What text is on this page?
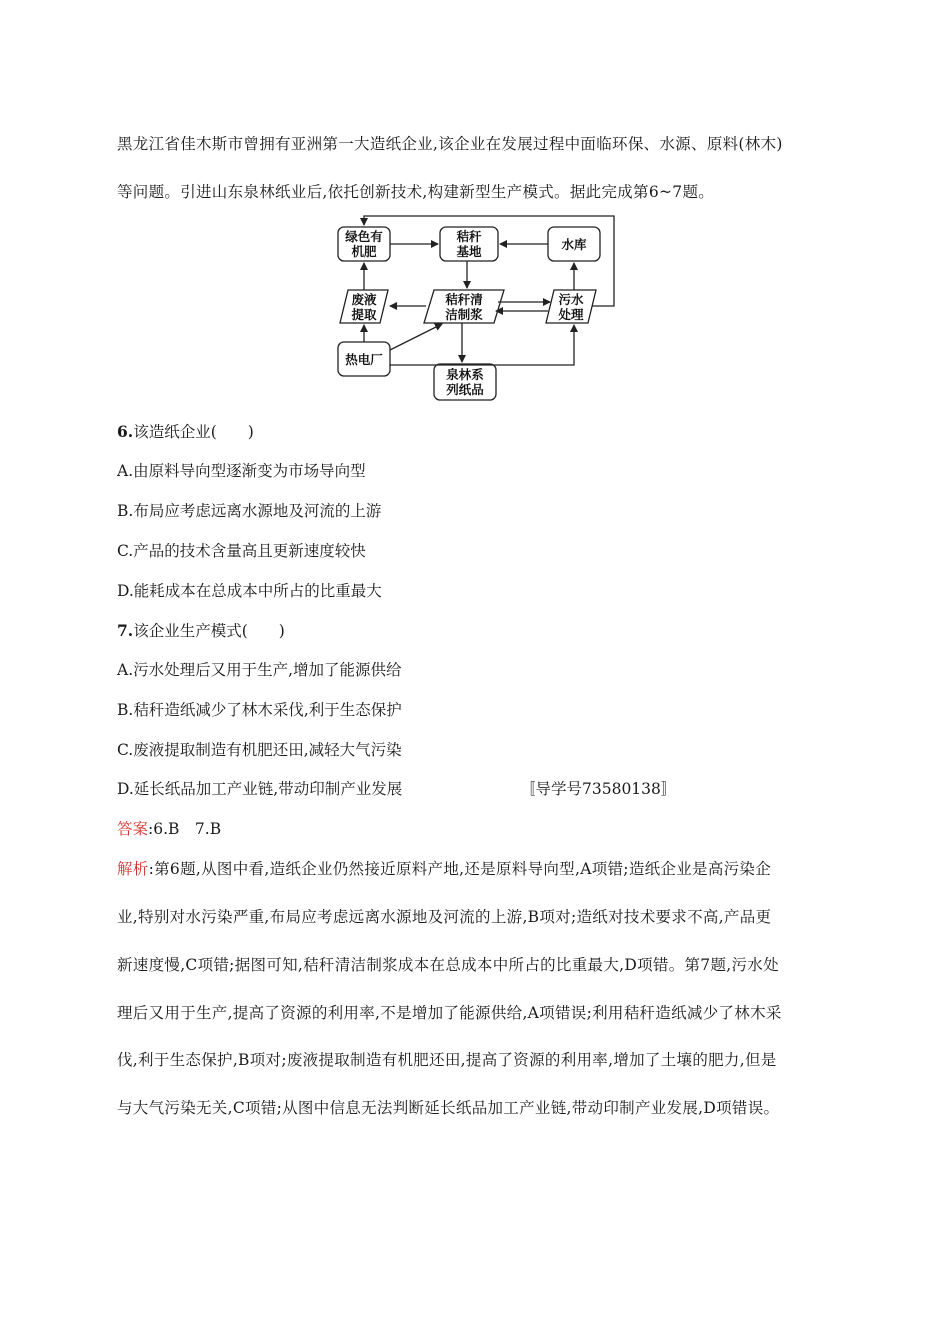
黑龙江省佳木斯市曾拥有亚洲第一大造纸企业,该企业在发展过程中面临环保、水源、原料(林木)
等问题。引进山东泉林纸业后,依托创新技术,构建新型生产模式。据此完成第6~7题。
绿色有
机肥
秸秆
基地	水库
废液
提取
秸秆清
洁制浆
污水
处理
热电厂
泉林系
列纸品
6.该造纸企业(　　)
A.由原料导向型逐渐变为市场导向型
B.布局应考虑远离水源地及河流的上游
C.产品的技术含量高且更新速度较快
D.能耗成本在总成本中所占的比重最大
7.该企业生产模式(　　)
A.污水处理后又用于生产,增加了能源供给
B.秸秆造纸减少了林木采伐,利于生态保护
C.废液提取制造有机肥还田,减轻大气污染
D.延长纸品加工产业链,带动印制产业发展	〚导学号73580138〛
答案:6.B　7.B
解析:第6题,从图中看,造纸企业仍然接近原料产地,还是原料导向型,A项错;造纸企业是高污染企
业,特别对水污染严重,布局应考虑远离水源地及河流的上游,B项对;造纸对技术要求不高,产品更
新速度慢,C项错;据图可知,秸秆清洁制浆成本在总成本中所占的比重最大,D项错。第7题,污水处
理后又用于生产,提高了资源的利用率,不是增加了能源供给,A项错误;利用秸秆造纸减少了林木采
伐,利于生态保护,B项对;废液提取制造有机肥还田,提高了资源的利用率,增加了土壤的肥力,但是
与大气污染无关,C项错;从图中信息无法判断延长纸品加工产业链,带动印制产业发展,D项错误。
